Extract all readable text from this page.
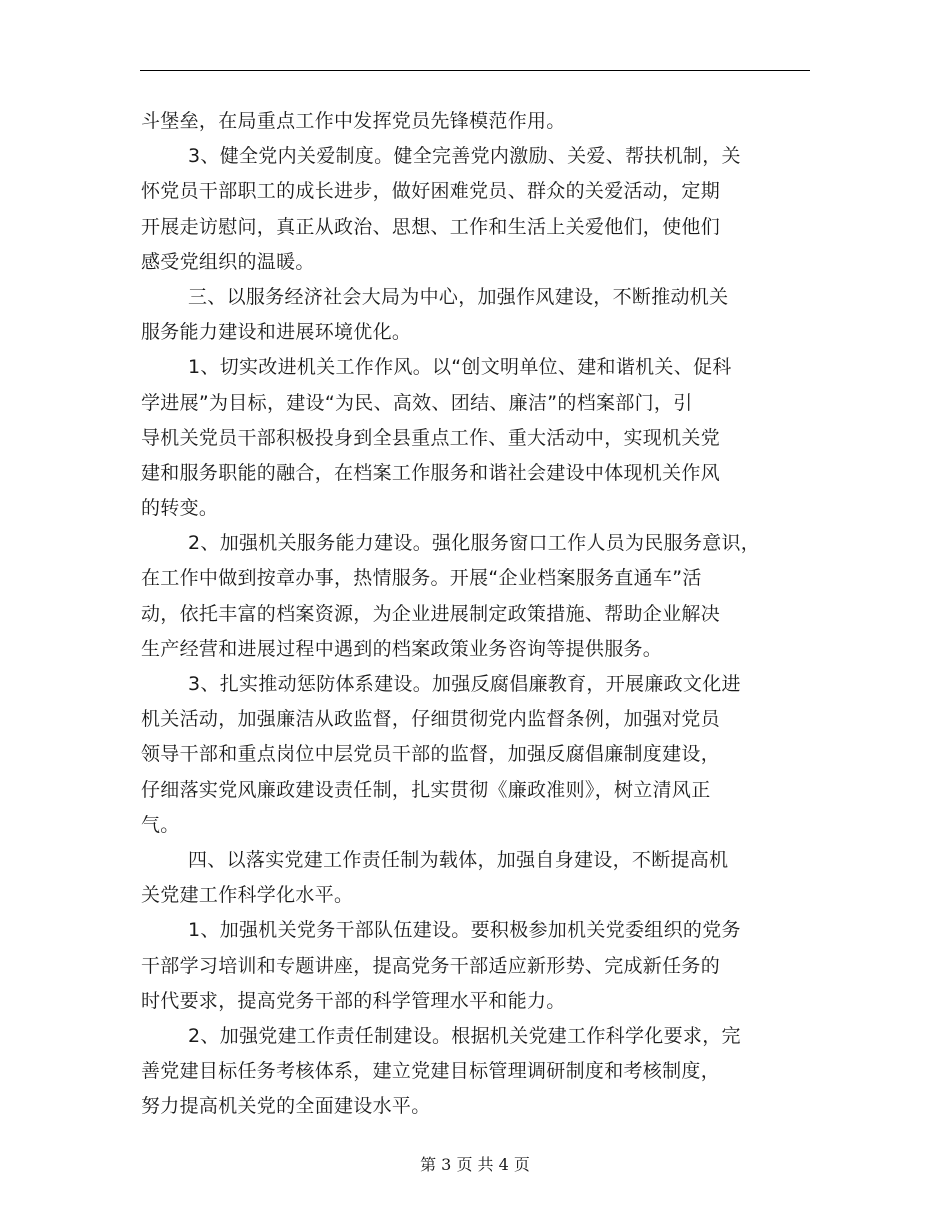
斗堡垒，在局重点工作中发挥党员先锋模范作用。
3、健全党内关爱制度。健全完善党内激励、关爱、帮扶机制，关
怀党员干部职工的成长进步，做好困难党员、群众的关爱活动，定期
开展走访慰问，真正从政治、思想、工作和生活上关爱他们，使他们
感受党组织的温暖。
三、以服务经济社会大局为中心，加强作风建设，不断推动机关
服务能力建设和进展环境优化。
1、切实改进机关工作作风。以“创文明单位、建和谐机关、促科
学进展”为目标，建设“为民、高效、团结、廉洁”的档案部门，引
导机关党员干部积极投身到全县重点工作、重大活动中，实现机关党
建和服务职能的融合，在档案工作服务和谐社会建设中体现机关作风
的转变。
2、加强机关服务能力建设。强化服务窗口工作人员为民服务意识，
在工作中做到按章办事，热情服务。开展“企业档案服务直通车”活
动，依托丰富的档案资源，为企业进展制定政策措施、帮助企业解决
生产经营和进展过程中遇到的档案政策业务咨询等提供服务。
3、扎实推动惩防体系建设。加强反腐倡廉教育，开展廉政文化进
机关活动，加强廉洁从政监督，仔细贯彻党内监督条例，加强对党员
领导干部和重点岗位中层党员干部的监督，加强反腐倡廉制度建设，
仔细落实党风廉政建设责任制，扎实贯彻《廉政准则》，树立清风正
气。
四、以落实党建工作责任制为载体，加强自身建设，不断提高机
关党建工作科学化水平。
1、加强机关党务干部队伍建设。要积极参加机关党委组织的党务
干部学习培训和专题讲座，提高党务干部适应新形势、完成新任务的
时代要求，提高党务干部的科学管理水平和能力。
2、加强党建工作责任制建设。根据机关党建工作科学化要求，完
善党建目标任务考核体系，建立党建目标管理调研制度和考核制度，
努力提高机关党的全面建设水平。
第 3 页 共 4 页
